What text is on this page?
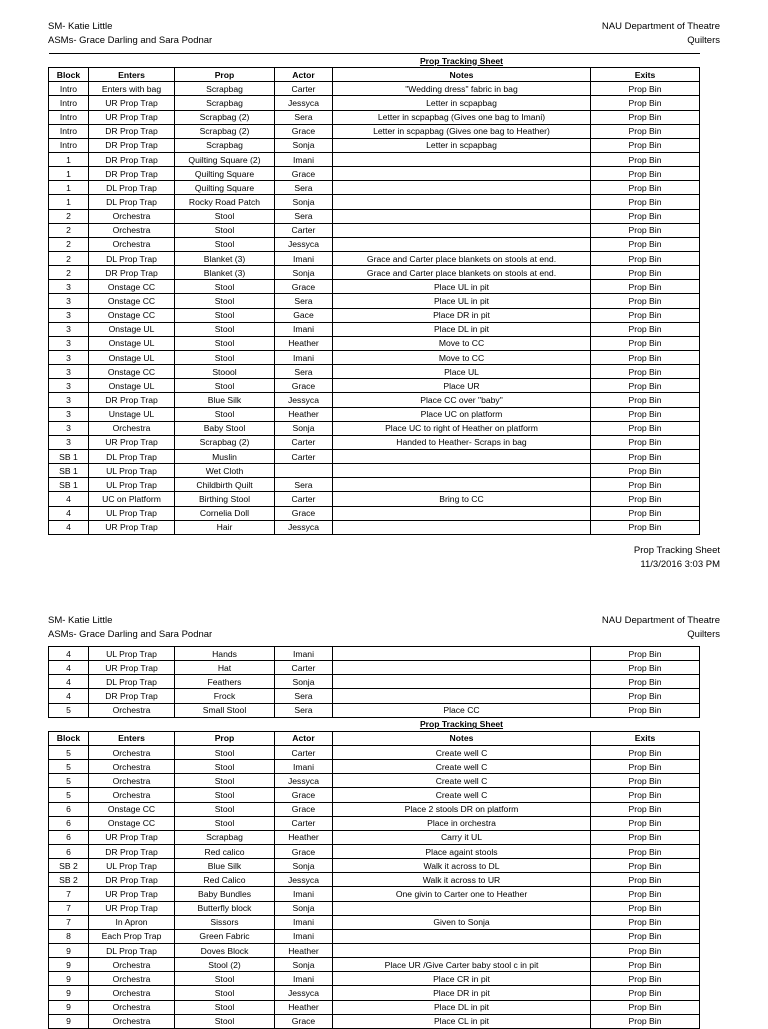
SM- Katie Little
ASMs- Grace Darling and Sara Podnar
NAU Department of Theatre
Quilters
				Prop Tracking Sheet	
Block	Enters	Prop	Actor	Notes	Exits
Intro	Enters with bag	Scrapbag	Carter	"Wedding dress" fabric in bag	Prop Bin
Intro	UR Prop Trap	Scrapbag	Jessyca	Letter in scpapbag	Prop Bin
Intro	UR Prop Trap	Scrapbag (2)	Sera	Letter in scpapbag (Gives one bag to Imani)	Prop Bin
Intro	DR Prop Trap	Scrapbag (2)	Grace	Letter in scpapbag (Gives one bag to Heather)	Prop Bin
Intro	DR Prop Trap	Scrapbag	Sonja	Letter in scpapbag	Prop Bin
1	DR Prop Trap	Quilting Square (2)	Imani		Prop Bin
1	DR Prop Trap	Quilting Square	Grace		Prop Bin
1	DL Prop Trap	Quilting Square	Sera		Prop Bin
1	DL Prop Trap	Rocky Road Patch	Sonja		Prop Bin
2	Orchestra	Stool	Sera		Prop Bin
2	Orchestra	Stool	Carter		Prop Bin
2	Orchestra	Stool	Jessyca		Prop Bin
2	DL Prop Trap	Blanket (3)	Imani	Grace and Carter place blankets on stools at end.	Prop Bin
2	DR Prop Trap	Blanket (3)	Sonja	Grace and Carter place blankets on stools at end.	Prop Bin
3	Onstage CC	Stool	Grace	Place UL in pit	Prop Bin
3	Onstage CC	Stool	Sera	Place UL in pit	Prop Bin
3	Onstage CC	Stool	Gace	Place DR in pit	Prop Bin
3	Onstage UL	Stool	Imani	Place DL in pit	Prop Bin
3	Onstage UL	Stool	Heather	Move to CC	Prop Bin
3	Onstage UL	Stool	Imani	Move to CC	Prop Bin
3	Onstage CC	Stoool	Sera	Place UL	Prop Bin
3	Onstage UL	Stool	Grace	Place UR	Prop Bin
3	DR Prop Trap	Blue Silk	Jessyca	Place CC over "baby"	Prop Bin
3	Unstage UL	Stool	Heather	Place UC on platform	Prop Bin
3	Orchestra	Baby Stool	Sonja	Place UC to right of Heather on platform	Prop Bin
3	UR Prop Trap	Scrapbag (2)	Carter	Handed to Heather- Scraps in bag	Prop Bin
SB 1	DL Prop Trap	Muslin	Carter		Prop Bin
SB 1	UL Prop Trap	Wet Cloth			Prop Bin
SB 1	UL Prop Trap	Childbirth Quilt	Sera		Prop Bin
4	UC on Platform	Birthing Stool	Carter	Bring to CC	Prop Bin
4	UL Prop Trap	Cornelia Doll	Grace		Prop Bin
4	UR Prop Trap	Hair	Jessyca		Prop Bin
Prop Tracking Sheet
11/3/2016 3:03 PM
SM- Katie Little
ASMs- Grace Darling and Sara Podnar
NAU Department of Theatre
Quilters
4	UL Prop Trap	Hands	Imani		Prop Bin
4	UR Prop Trap	Hat	Carter		Prop Bin
4	DL Prop Trap	Feathers	Sonja		Prop Bin
4	DR Prop Trap	Frock	Sera		Prop Bin
5	Orchestra	Small Stool	Sera	Place CC	Prop Bin
				Prop Tracking Sheet	
Block	Enters	Prop	Actor	Notes	Exits
5	Orchestra	Stool	Carter	Create well C	Prop Bin
5	Orchestra	Stool	Imani	Create well C	Prop Bin
5	Orchestra	Stool	Jessyca	Create well C	Prop Bin
5	Orchestra	Stool	Grace	Create well C	Prop Bin
6	Onstage CC	Stool	Grace	Place 2 stools DR on platform	Prop Bin
6	Onstage CC	Stool	Carter	Place in orchestra	Prop Bin
6	UR Prop Trap	Scrapbag	Heather	Carry it UL	Prop Bin
6	DR Prop Trap	Red calico	Grace	Place againt stools	Prop Bin
SB 2	UL Prop Trap	Blue Silk	Sonja	Walk it across to DL	Prop Bin
SB 2	DR Prop Trap	Red Calico	Jessyca	Walk it across to UR	Prop Bin
7	UR Prop Trap	Baby Bundles	Imani	One givin to Carter one to Heather	Prop Bin
7	UR Prop Trap	Butterfly block	Sonja		Prop Bin
7	In Apron	Sissors	Imani	Given to Sonja	Prop Bin
8	Each Prop Trap	Green Fabric	Imani		Prop Bin
9	DL Prop Trap	Doves Block	Heather		Prop Bin
9	Orchestra	Stool (2)	Sonja	Place UR /Give Carter baby stool c in pit	Prop Bin
9	Orchestra	Stool	Imani	Place CR in pit	Prop Bin
9	Orchestra	Stool	Jessyca	Place DR in pit	Prop Bin
9	Orchestra	Stool	Heather	Place DL in pit	Prop Bin
9	Orchestra	Stool	Grace	Place CL in pit	Prop Bin
